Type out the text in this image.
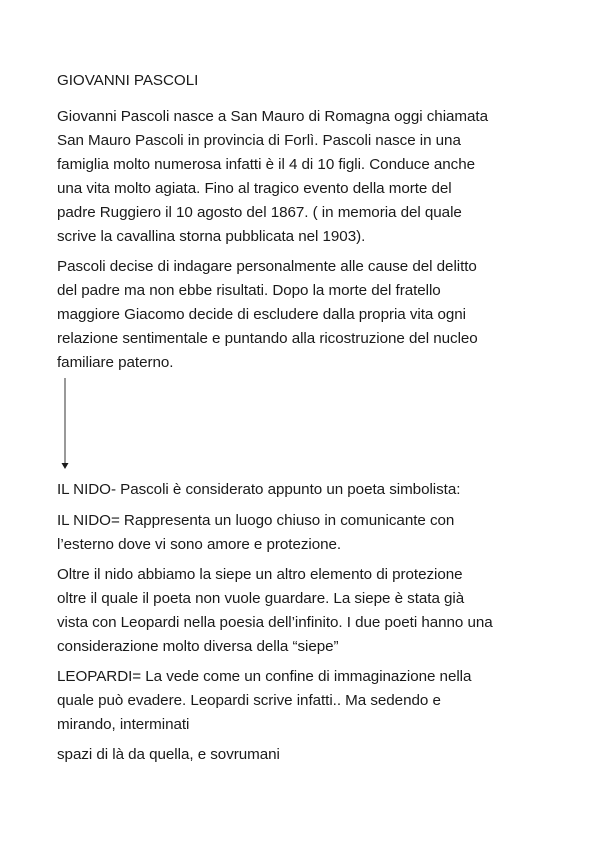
GIOVANNI PASCOLI
Giovanni Pascoli nasce a San Mauro di Romagna oggi chiamata
San Mauro Pascoli in provincia di Forlì. Pascoli nasce in una
famiglia molto numerosa infatti è il 4 di 10 figli. Conduce anche
una vita molto agiata. Fino al tragico evento della morte del
padre Ruggiero il 10 agosto del 1867. ( in memoria del quale
scrive la cavallina storna pubblicata nel 1903).
Pascoli decise di indagare personalmente alle cause del delitto
del padre ma non ebbe risultati. Dopo la morte del fratello
maggiore Giacomo decide di escludere dalla propria vita ogni
relazione sentimentale e puntando alla ricostruzione del nucleo
familiare paterno.
IL NIDO- Pascoli è considerato appunto un poeta simbolista:
IL NIDO= Rappresenta un luogo chiuso in comunicante con
l’esterno dove vi sono amore e protezione.
Oltre il nido abbiamo la siepe un altro elemento di protezione
oltre il quale il poeta non vuole guardare. La siepe è stata già
vista con Leopardi nella poesia dell’infinito. I due poeti hanno una
considerazione molto diversa della “siepe”
LEOPARDI= La vede come un confine di immaginazione nella
quale può evadere. Leopardi scrive infatti.. Ma sedendo e
mirando, interminati
spazi di là da quella, e sovrumani
